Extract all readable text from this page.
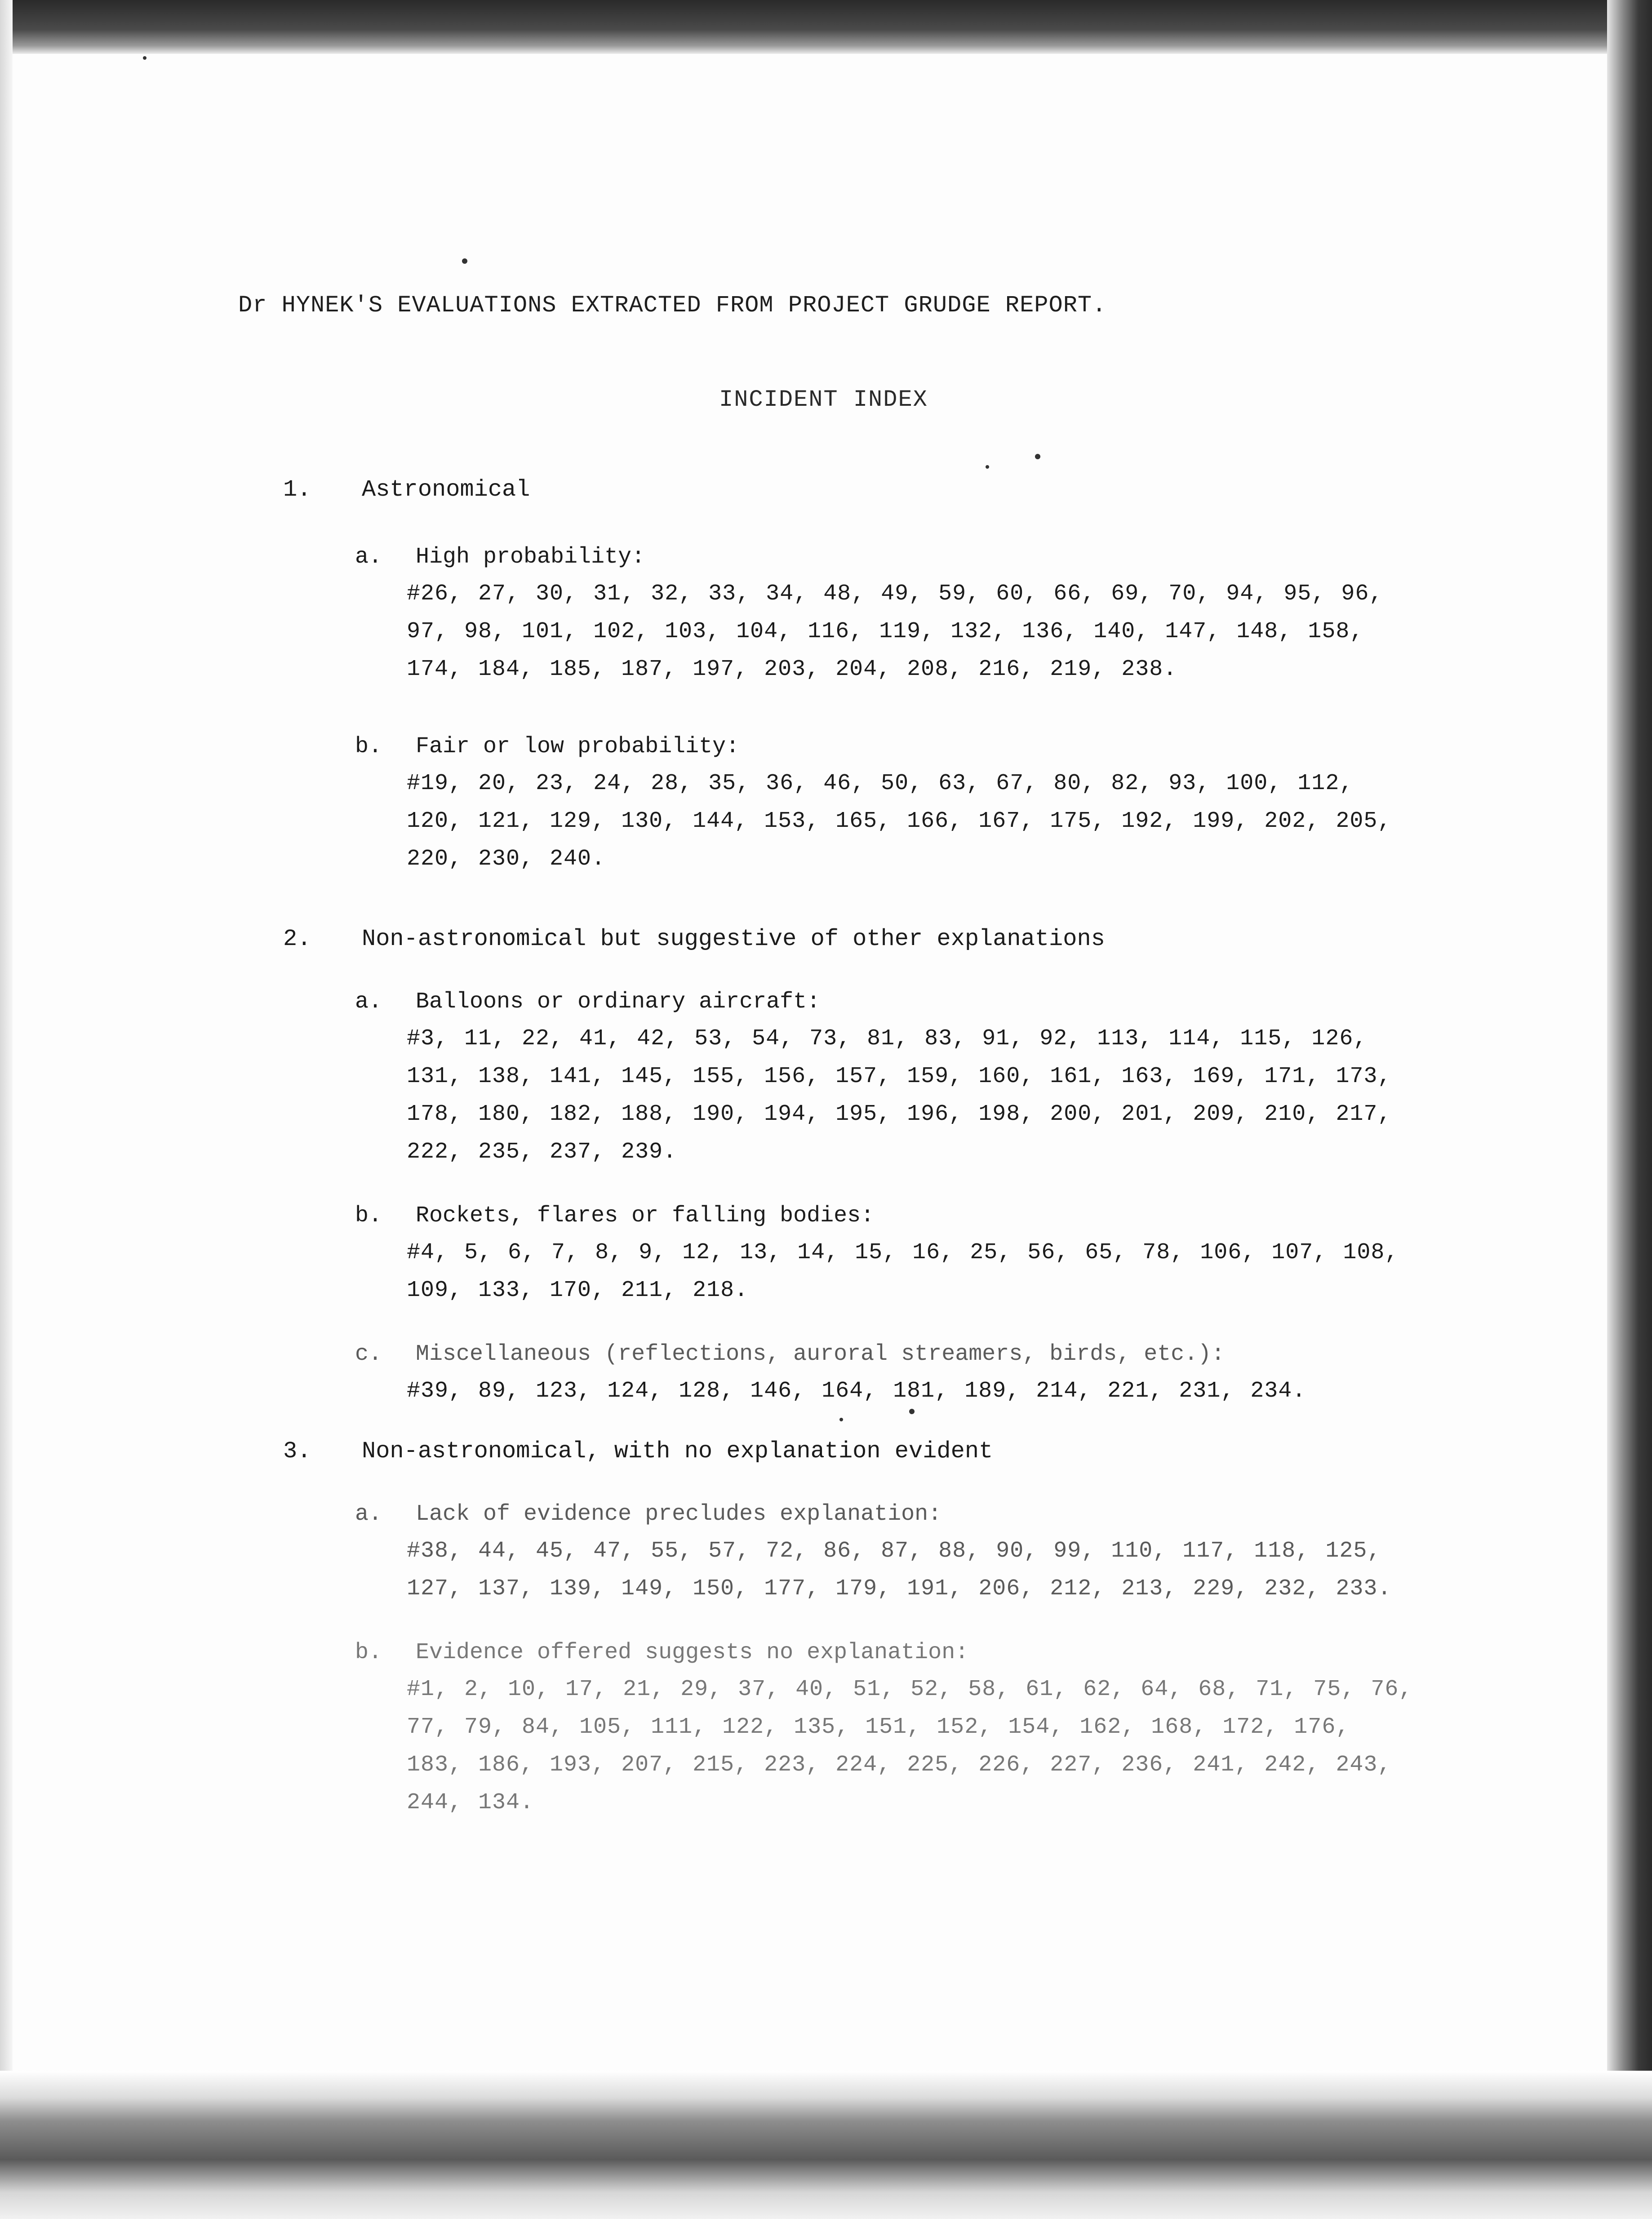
Dr HYNEK'S EVALUATIONS EXTRACTED FROM PROJECT GRUDGE REPORT.
INCIDENT INDEX
1. Astronomical
a. High probability:
#26, 27, 30, 31, 32, 33, 34, 48, 49, 59, 60, 66, 69, 70, 94, 95, 96, 97, 98, 101, 102, 103, 104, 116, 119, 132, 136, 140, 147, 148, 158, 174, 184, 185, 187, 197, 203, 204, 208, 216, 219, 238.
b. Fair or low probability:
#19, 20, 23, 24, 28, 35, 36, 46, 50, 63, 67, 80, 82, 93, 100, 112, 120, 121, 129, 130, 144, 153, 165, 166, 167, 175, 192, 199, 202, 205, 220, 230, 240.
2. Non-astronomical but suggestive of other explanations
a. Balloons or ordinary aircraft:
#3, 11, 22, 41, 42, 53, 54, 73, 81, 83, 91, 92, 113, 114, 115, 126, 131, 138, 141, 145, 155, 156, 157, 159, 160, 161, 163, 169, 171, 173, 178, 180, 182, 188, 190, 194, 195, 196, 198, 200, 201, 209, 210, 217, 222, 235, 237, 239.
b. Rockets, flares or falling bodies:
#4, 5, 6, 7, 8, 9, 12, 13, 14, 15, 16, 25, 56, 65, 78, 106, 107, 108, 109, 133, 170, 211, 218.
c. Miscellaneous (reflections, auroral streamers, birds, etc.):
#39, 89, 123, 124, 128, 146, 164, 181, 189, 214, 221, 231, 234.
3. Non-astronomical, with no explanation evident
a. Lack of evidence precludes explanation:
#38, 44, 45, 47, 55, 57, 72, 86, 87, 88, 90, 99, 110, 117, 118, 125, 127, 137, 139, 149, 150, 177, 179, 191, 206, 212, 213, 229, 232, 233.
b. Evidence offered suggests no explanation:
#1, 2, 10, 17, 21, 29, 37, 40, 51, 52, 58, 61, 62, 64, 68, 71, 75, 76, 77, 79, 84, 105, 111, 122, 135, 151, 152, 154, 162, 168, 172, 176, 183, 186, 193, 207, 215, 223, 224, 225, 226, 227, 236, 241, 242, 243, 244, 134.
